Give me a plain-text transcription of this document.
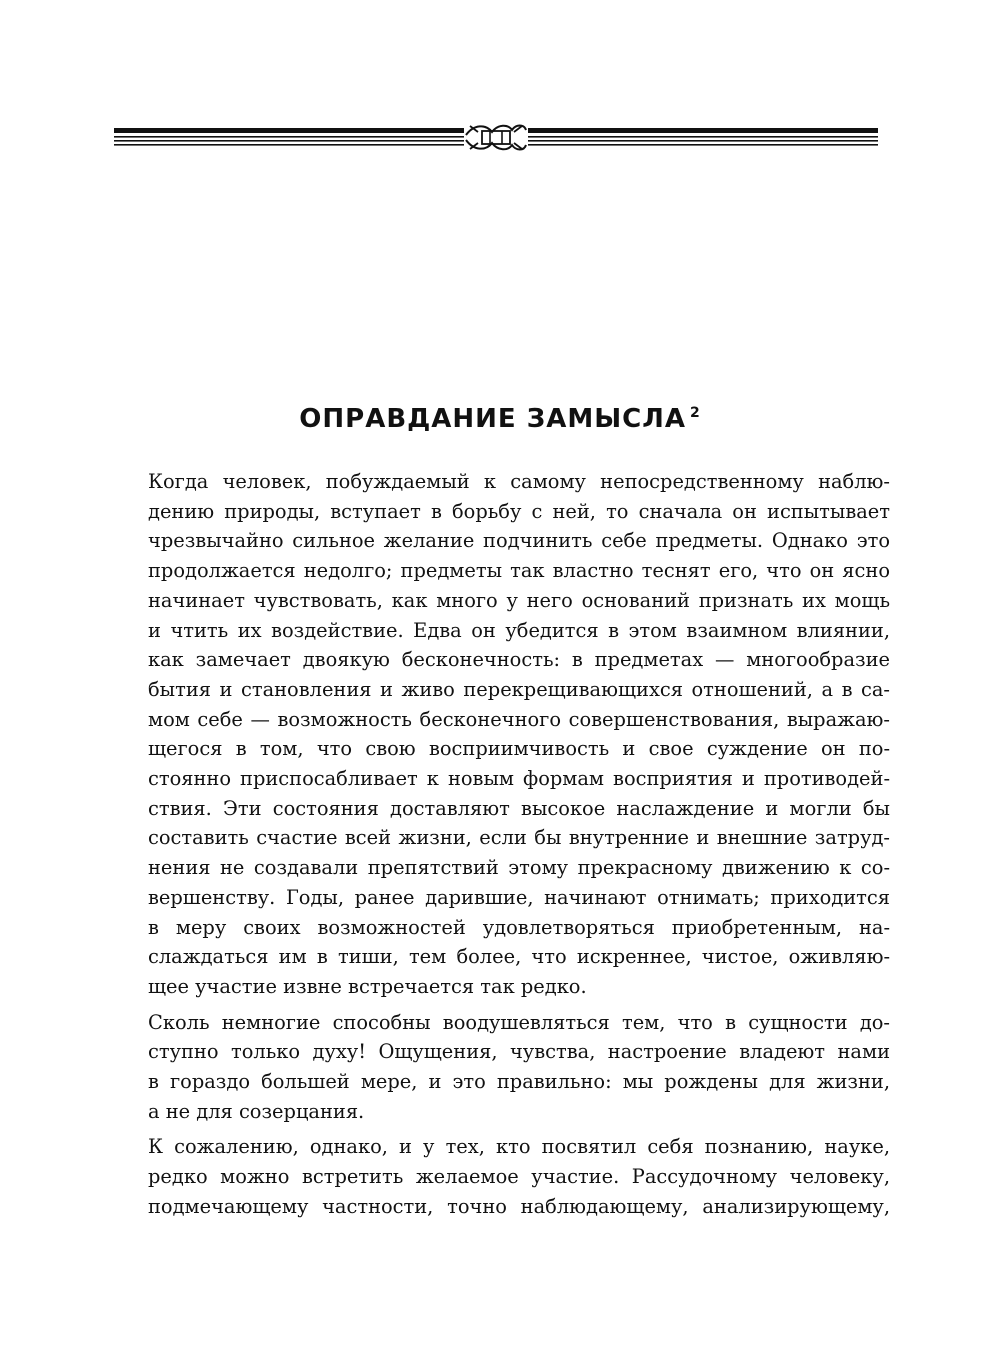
ОПРАВДАНИЕ ЗАМЫСЛА $^2$

Когда человек, побуждаемый к самому непосредственному наблю-
дению природы, вступает в борьбу с ней, то сначала он испытывает
чрезвычайно сильное желание подчинить себе предметы. Однако это
продолжается недолго; предметы так властно теснят его, что он ясно
начинает чувствовать, как много у него оснований признать их мощь
и чтить их воздействие. Едва он убедится в этом взаимном влиянии,
как замечает двоякую бесконечность: в предметах — многообразие
бытия и становления и живо перекрещивающихся отношений, а в са-
мом себе — возможность бесконечного совершенствования, выражаю-
щегося в том, что свою восприимчивость и свое суждение он по-
стоянно приспосабливает к новым формам восприятия и противодей-
ствия. Эти состояния доставляют высокое наслаждение и могли бы
составить счастие всей жизни, если бы внутренние и внешние затруд-
нения не создавали препятствий этому прекрасному движению к со-
вершенству. Годы, ранее дарившие, начинают отнимать; приходится
в меру своих возможностей удовлетворяться приобретенным, на-
слаждаться им в тиши, тем более, что искреннее, чистое, оживляю-
щее участие извне встречается так редко.

Сколь немногие способны воодушевляться тем, что в сущности до-
ступно только духу! Ощущения, чувства, настроение владеют нами
в гораздо большей мере, и это правильно: мы рождены для жизни,
а не для созерцания.

К сожалению, однако, и у тех, кто посвятил себя познанию, науке,
редко можно встретить желаемое участие. Рассудочному человеку,
подмечающему частности, точно наблюдающему, анализирующему,
